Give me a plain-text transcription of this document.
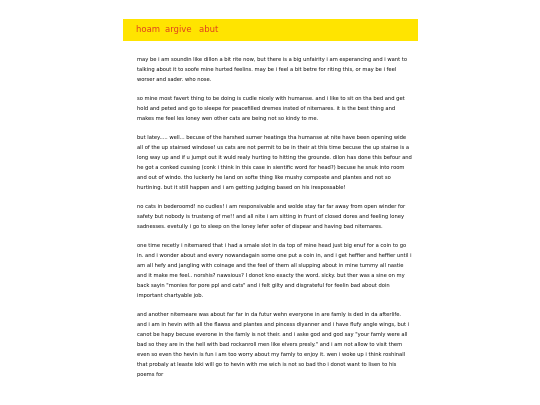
hoam argive abut

may be i am soundin like dillon a bit rite now, but there is a big unfairity i am esperancing and i want to talking about it to soofe mine hurted feelins. may be i feel a bit betre for riting this, or may be i feel worser and sader. who nose.

so mine most favert thing to be doing is cudle nicely with humanse. and i like to sit on tha bed and get hold and peted and go to sleepe for peacefilled dremes insted of nitemares. it is the best thing and makes me feel les loney wen other cats are being not so kindy to me.

but latey..... well... becuse of the harshed sumer heatings tha humanse at nite have been opening wide all of the up stairsed windose! us cats are not permit to be in their at this time becuse the up stairse is a long way up and if u jumpt out it wuld realy hurting to hitting the grounde. dilon has done this befour and he got a conked cussing (conk i think in this case in sientific word for head?) becuse he snuk into room and out of windo. tho luckerly he land on softe thing like mushy composte and plantes and not so hurtining. but it still happen and i am getting judging based on his irespossable!

no cats in bederoomd! no cudles! i am responsivable and wolde stay far far away from open winder for safety but nobody is trusteng of me!! and all nite i am sitting in frunt of closed dores and feeling loney sadnesses. evetully i go to sleep on the loney lefer sofer of dispear and having bad nitemares.

one time recetly i nitemared that i had a smale slot in da top of mine head just big enuf for a coin to go in. and i wonder about and every nowandagain some one put a coin in, and i get heffier and heffier until i am all hefy and jangling with coinage and the feel of them all slupping about in mine tummy all nastie and it make me feel.. norshis? nawsious? I donot kno exacty the word. sicky. but ther was a sine on my back sayin "monies for pore ppl and cats" and i felt gilty and disgrateful for feelin bad about doin important chartyable job.

and another nitemeare was about far far in da futur wehn everyone in are famly is ded in da afterlife. and i am in hevin with all the flawss and plantes and pincess diyanner and i have flufy angle wings, but i canot be hapy becuse everone in the famly is not their. and i aske god and god say "your famly were all bad so they are in the hell with bad rockanroll men like elvers presly." and i am not allow to visit them even so even tho hevin is fun i am too worry about my famly to enjoy it. wen i woke up i think roshinall that probaly at leaste loki will go to hevin with me wich is not so bad tho i donot want to lisen to his poems for
